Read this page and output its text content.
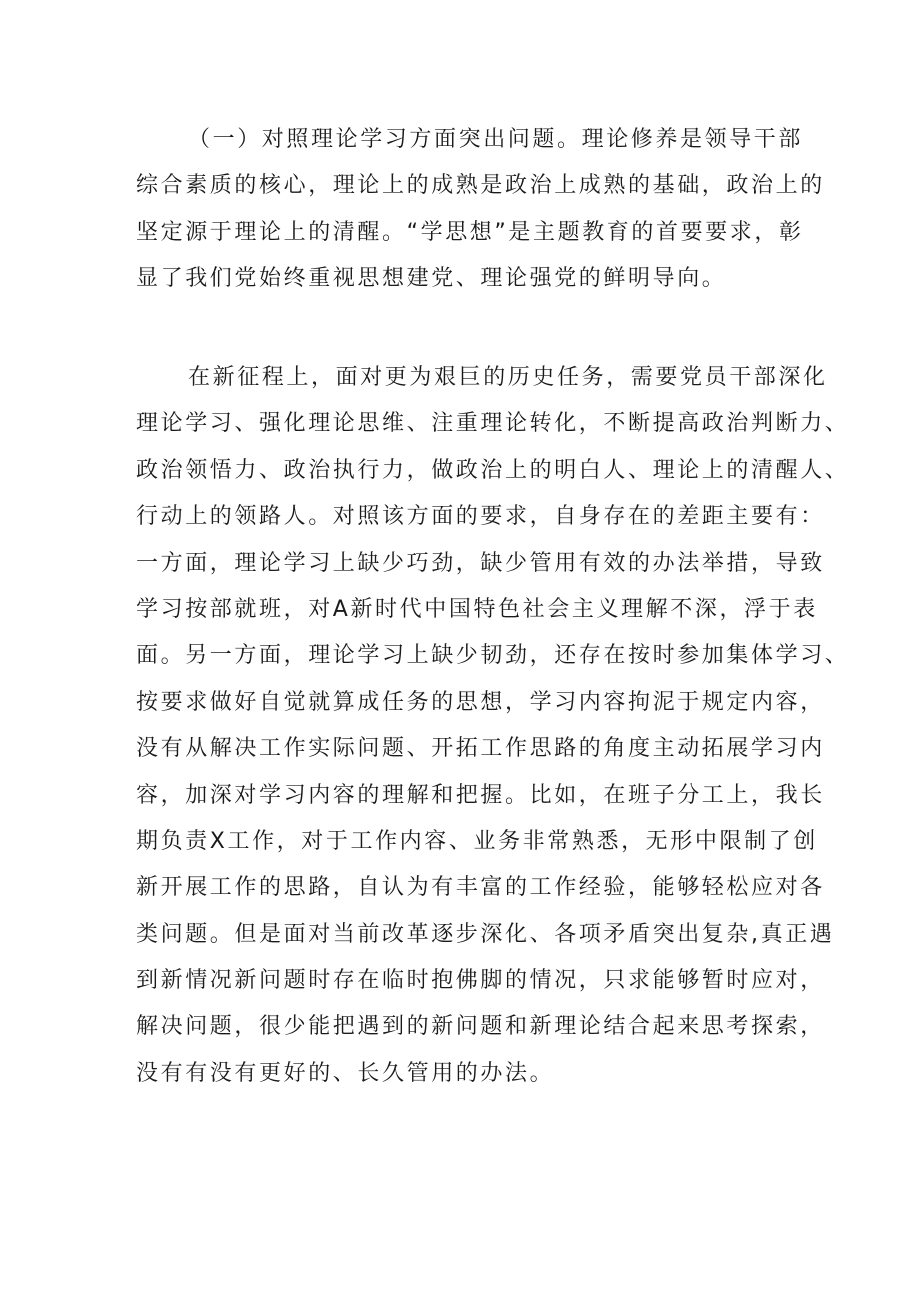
（一）对照理论学习方面突出问题。理论修养是领导干部
综合素质的核心，理论上的成熟是政治上成熟的基础，政治上的
坚定源于理论上的清醒。“学思想”是主题教育的首要要求，彰
显了我们党始终重视思想建党、理论强党的鲜明导向。
在新征程上，面对更为艰巨的历史任务，需要党员干部深化
理论学习、强化理论思维、注重理论转化，不断提高政治判断力、
政治领悟力、政治执行力，做政治上的明白人、理论上的清醒人、
行动上的领路人。对照该方面的要求，自身存在的差距主要有：
一方面，理论学习上缺少巧劲，缺少管用有效的办法举措，导致
学习按部就班，对A新时代中国特色社会主义理解不深，浮于表
面。另一方面，理论学习上缺少韧劲，还存在按时参加集体学习、
按要求做好自觉就算成任务的思想，学习内容拘泥于规定内容，
没有从解决工作实际问题、开拓工作思路的角度主动拓展学习内
容，加深对学习内容的理解和把握。比如，在班子分工上，我长
期负责X工作，对于工作内容、业务非常熟悉，无形中限制了创
新开展工作的思路，自认为有丰富的工作经验，能够轻松应对各
类问题。但是面对当前改革逐步深化、各项矛盾突出复杂,真正遇
到新情况新问题时存在临时抱佛脚的情况，只求能够暂时应对，
解决问题，很少能把遇到的新问题和新理论结合起来思考探索，
没有有没有更好的、长久管用的办法。
